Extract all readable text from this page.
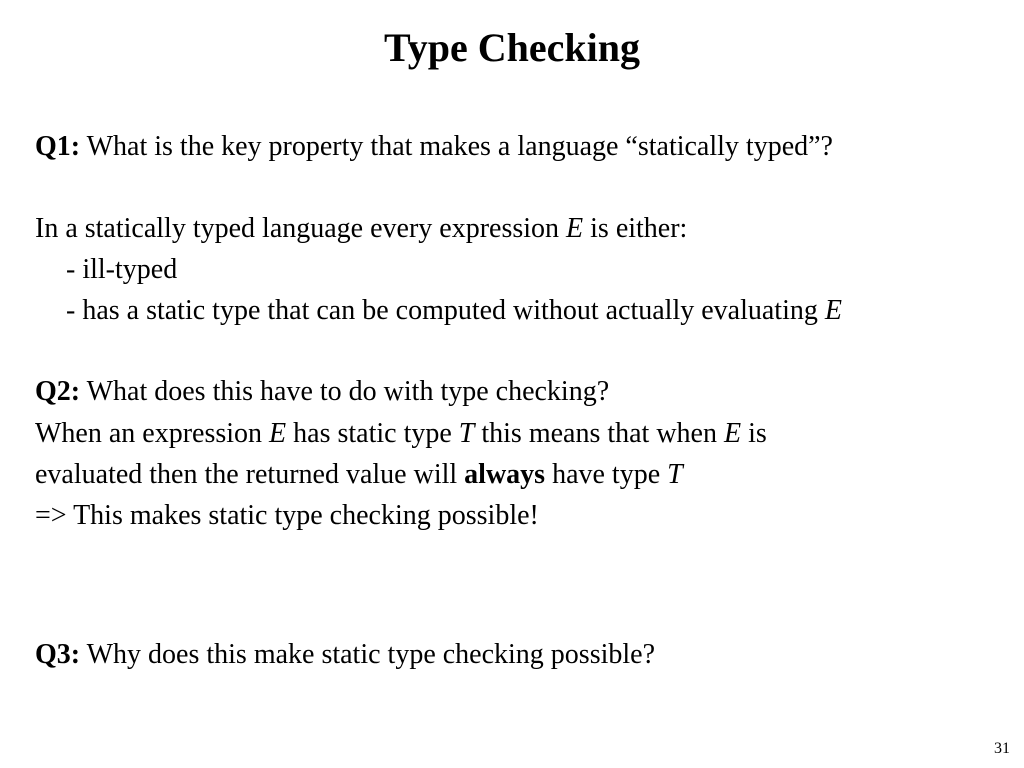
Type Checking

Q1: What is the key property that makes a language “statically typed”?

In a statically typed language every expression E is either:

- ill-typed

- has a static type that can be computed without actually evaluating E

Q2: What does this have to do with type checking?

When an expression E has static type T this means that when E is

evaluated then the returned value will always have type T

=> This makes static type checking possible!

Q3: Why does this make static type checking possible?

31
